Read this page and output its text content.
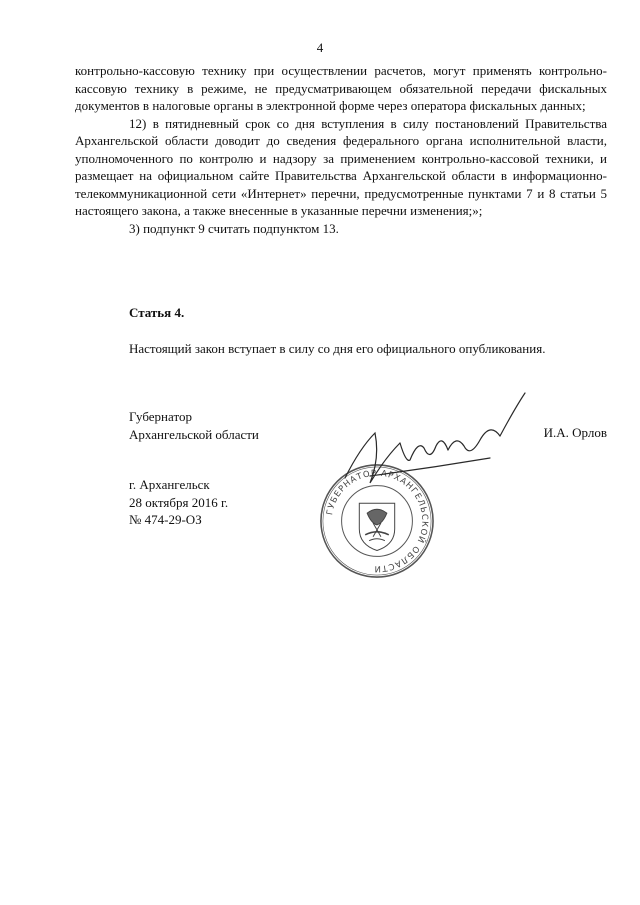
4

контрольно-кассовую технику при осуществлении расчетов, могут применять контрольно-кассовую технику в режиме, не предусматривающем обязательной передачи фискальных документов в налоговые органы в электронной форме через оператора фискальных данных;

12) в пятидневный срок со дня вступления в силу постановлений Правительства Архангельской области доводит до сведения федерального органа исполнительной власти, уполномоченного по контролю и надзору за применением контрольно-кассовой техники, и размещает на официальном сайте Правительства Архангельской области в информационно-телекоммуникационной сети «Интернет» перечни, предусмотренные пунктами 7 и 8 статьи 5 настоящего закона, а также внесенные в указанные перечни изменения;»;

3) подпункт 9 считать подпунктом 13.

Статья 4.

Настоящий закон вступает в силу со дня его официального опубликования.

Губернатор
Архангельской области	И.А. Орлов
г. Архангельск
28 октября 2016 г.
№ 474-29-ОЗ
ГУБЕРНАТОР АРХАНГЕЛЬСКОЙ ОБЛАСТИ
